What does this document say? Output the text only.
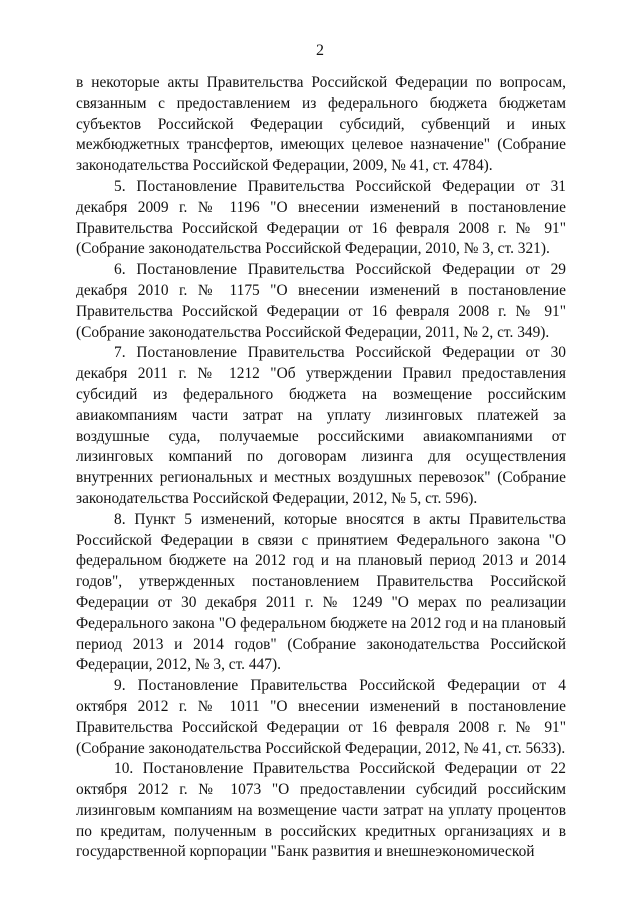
2

в некоторые акты Правительства Российской Федерации по вопросам, связанным с предоставлением из федерального бюджета бюджетам субъектов Российской Федерации субсидий, субвенций и иных межбюджетных трансфертов, имеющих целевое назначение" (Собрание законодательства Российской Федерации, 2009, № 41, ст. 4784).

5. Постановление Правительства Российской Федерации от 31 декабря 2009 г. № 1196 "О внесении изменений в постановление Правительства Российской Федерации от 16 февраля 2008 г. № 91" (Собрание законодательства Российской Федерации, 2010, № 3, ст. 321).

6. Постановление Правительства Российской Федерации от 29 декабря 2010 г. № 1175 "О внесении изменений в постановление Правительства Российской Федерации от 16 февраля 2008 г. № 91" (Собрание законодательства Российской Федерации, 2011, № 2, ст. 349).

7. Постановление Правительства Российской Федерации от 30 декабря 2011 г. № 1212 "Об утверждении Правил предоставления субсидий из федерального бюджета на возмещение российским авиакомпаниям части затрат на уплату лизинговых платежей за воздушные суда, получаемые российскими авиакомпаниями от лизинговых компаний по договорам лизинга для осуществления внутренних региональных и местных воздушных перевозок" (Собрание законодательства Российской Федерации, 2012, № 5, ст. 596).

8. Пункт 5 изменений, которые вносятся в акты Правительства Российской Федерации в связи с принятием Федерального закона "О федеральном бюджете на 2012 год и на плановый период 2013 и 2014 годов", утвержденных постановлением Правительства Российской Федерации от 30 декабря 2011 г. № 1249 "О мерах по реализации Федерального закона "О федеральном бюджете на 2012 год и на плановый период 2013 и 2014 годов" (Собрание законодательства Российской Федерации, 2012, № 3, ст. 447).

9. Постановление Правительства Российской Федерации от 4 октября 2012 г. № 1011 "О внесении изменений в постановление Правительства Российской Федерации от 16 февраля 2008 г. № 91" (Собрание законодательства Российской Федерации, 2012, № 41, ст. 5633).

10. Постановление Правительства Российской Федерации от 22 октября 2012 г. № 1073 "О предоставлении субсидий российским лизинговым компаниям на возмещение части затрат на уплату процентов по кредитам, полученным в российских кредитных организациях и в государственной корпорации "Банк развития и внешнеэкономической
